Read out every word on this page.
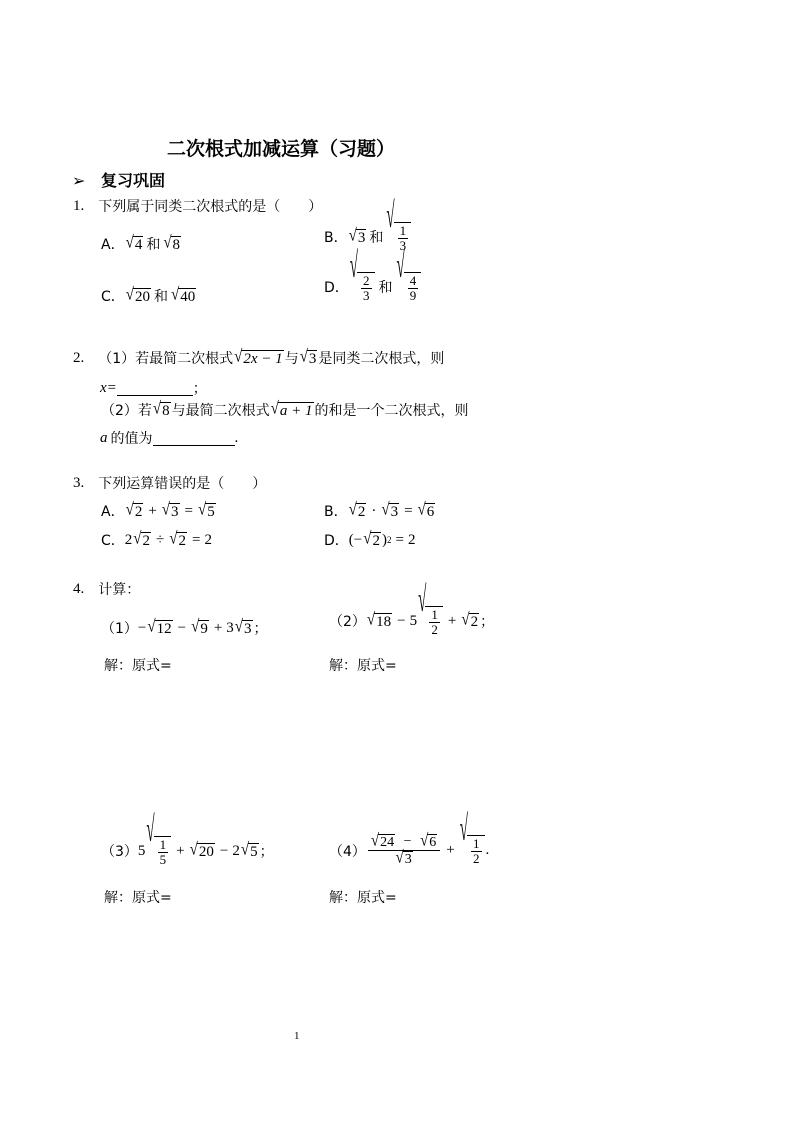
二次根式加减运算（习题）
➢ 复习巩固
1. 下列属于同类二次根式的是（　　）
A． √ 4 和 √ 8	B． √ 3 和
√
$\frac{1}{3}$
C． √ 20 和 √ 40
D．
√
$\frac{2}{3}$ 和
√
$\frac{4}{9}$
2. （1）若最简二次根式 √ 2x − 1 与 √ 3 是同类二次根式，则
x=	；
（2）若 √ 8 与最简二次根式 √ a + 1 的和是一个二次根式，则
a 的值为	.
3. 下列运算错误的是（　　）
A． √ 2 + √ 3 = √ 5	B． √ 2 · √ 3 = √ 6
C． 2 √ 2 ÷ √ 2 = 2	D． (− √ 2 ) 2 = 2
4. 计算：
（1） − √ 12 − √ 9 + 3 √ 3 ；	（2） √ 18 − 5 √
$\frac{1}{2}$ + √ 2 ；
解：原式=	解：原式=
（3） 5 √
$\frac{1}{5}$ + √ 20 − 2 √ 5 ；	$(4) \frac{√ 24 - √ 6}{√ 3}$ + √
$\frac{1}{2}$ .
解：原式=	解：原式=
1
